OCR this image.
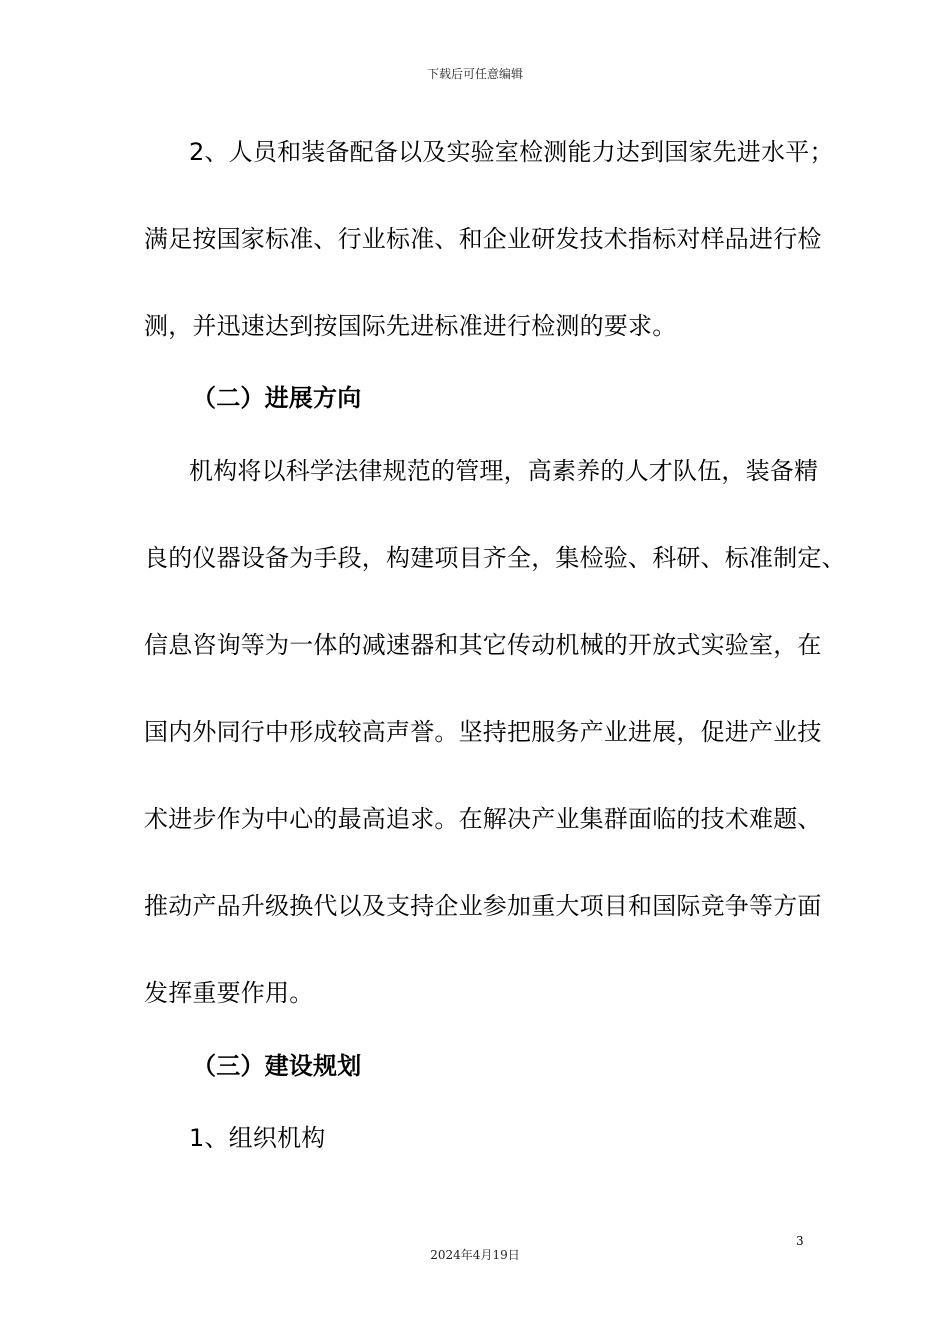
下载后可任意编辑
2、人员和装备配备以及实验室检测能力达到国家先进水平；
满足按国家标准、行业标准、和企业研发技术指标对样品进行检
测，并迅速达到按国际先进标准进行检测的要求。
（二）进展方向
机构将以科学法律规范的管理，高素养的人才队伍，装备精
良的仪器设备为手段，构建项目齐全，集检验、科研、标准制定、
信息咨询等为一体的减速器和其它传动机械的开放式实验室，在
国内外同行中形成较高声誉。坚持把服务产业进展，促进产业技
术进步作为中心的最高追求。在解决产业集群面临的技术难题、
推动产品升级换代以及支持企业参加重大项目和国际竞争等方面
发挥重要作用。
（三）建设规划
1、组织机构
3
2024年4月19日
